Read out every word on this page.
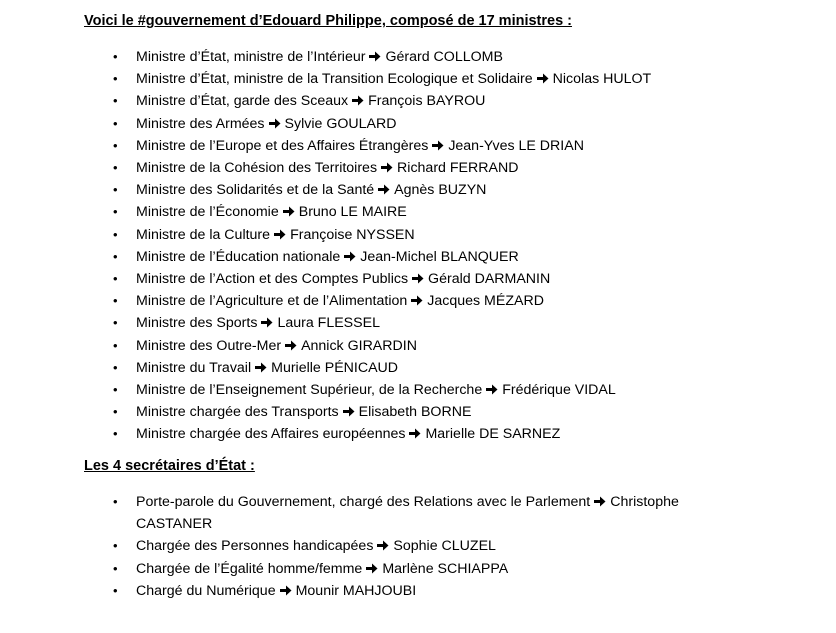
Voici le #gouvernement d’Edouard Philippe, composé de 17 ministres :
• Ministre d’État, ministre de l’Intérieur Gérard COLLOMB
• Ministre d’État, ministre de la Transition Ecologique et Solidaire Nicolas HULOT
• Ministre d’État, garde des Sceaux François BAYROU
• Ministre des Armées Sylvie GOULARD
• Ministre de l’Europe et des Affaires Étrangères Jean-Yves LE DRIAN
• Ministre de la Cohésion des Territoires Richard FERRAND
• Ministre des Solidarités et de la Santé Agnès BUZYN
• Ministre de l’Économie Bruno LE MAIRE
• Ministre de la Culture Françoise NYSSEN
• Ministre de l’Éducation nationale Jean-Michel BLANQUER
• Ministre de l’Action et des Comptes Publics Gérald DARMANIN
• Ministre de l’Agriculture et de l’Alimentation Jacques MÉZARD
• Ministre des Sports Laura FLESSEL
• Ministre des Outre-Mer Annick GIRARDIN
• Ministre du Travail Murielle PÉNICAUD
• Ministre de l’Enseignement Supérieur, de la Recherche Frédérique VIDAL
• Ministre chargée des Transports Elisabeth BORNE
• Ministre chargée des Affaires européennes Marielle DE SARNEZ
Les 4 secrétaires d’État :
• Porte-parole du Gouvernement, chargé des Relations avec le Parlement Christophe CASTANER
• Chargée des Personnes handicapées Sophie CLUZEL
• Chargée de l’Égalité homme/femme Marlène SCHIAPPA
• Chargé du Numérique Mounir MAHJOUBI
